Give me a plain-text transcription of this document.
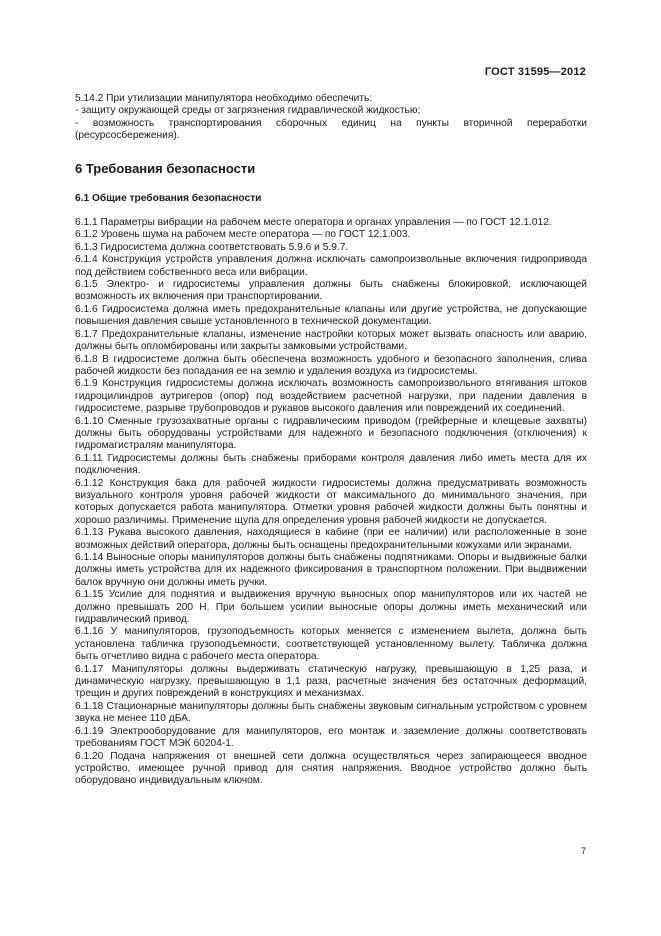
ГОСТ 31595—2012

5.14.2 При утилизации манипулятора необходимо обеспечить:

- защиту окружающей среды от загрязнения гидравлической жидкостью;

- возможность транспортирования сборочных единиц на пункты вторичной переработки (ресурсосбережения).

6 Требования безопасности
6.1 Общие требования безопасности

6.1.1 Параметры вибрации на рабочем месте оператора и органах управления — по ГОСТ 12.1.012.

6.1.2 Уровень шума на рабочем месте оператора — по ГОСТ 12.1.003.

6.1.3 Гидросистема должна соответствовать 5.9.6 и 5.9.7.

6.1.4 Конструкция устройств управления должна исключать самопроизвольные включения гидропривода под действием собственного веса или вибрации.

6.1.5 Электро- и гидросистемы управления должны быть снабжены блокировкой, исключающей возможность их включения при транспортировании.

6.1.6 Гидросистема должна иметь предохранительные клапаны или другие устройства, не допускающие повышения давления свыше установленного в технической документации.

6.1.7 Предохранительные клапаны, изменение настройки которых может вызвать опасность или аварию, должны быть опломбированы или закрыты замковыми устройствами.

6.1.8 В гидросистеме должна быть обеспечена возможность удобного и безопасного заполнения, слива рабочей жидкости без попадания ее на землю и удаления воздуха из гидросистемы.

6.1.9 Конструкция гидросистемы должна исключать возможность самопроизвольного втягивания штоков гидроцилиндров аутригеров (опор) под воздействием расчетной нагрузки, при падении давления в гидросистеме, разрыве трубопроводов и рукавов высокого давления или повреждений их соединений.

6.1.10 Сменные грузозахватные органы с гидравлическим приводом (грейферные и клещевые захваты) должны быть оборудованы устройствами для надежного и безопасного подключения (отключения) к гидромагистралям манипулятора.

6.1.11 Гидросистемы должны быть снабжены приборами контроля давления либо иметь места для их подключения.

6.1.12 Конструкция бака для рабочей жидкости гидросистемы должна предусматривать возможность визуального контроля уровня рабочей жидкости от максимального до минимального значения, при которых допускается работа манипулятора. Отметки уровня рабочей жидкости должны быть понятны и хорошо различимы. Применение щупа для определения уровня рабочей жидкости не допускается.

6.1.13 Рукава высокого давления, находящиеся в кабине (при ее наличии) или расположенные в зоне возможных действий оператора, должны быть оснащены предохранительными кожухами или экранами.

6.1.14 Выносные опоры манипуляторов должны быть снабжены подпятниками. Опоры и выдвижные балки должны иметь устройства для их надежного фиксирования в транспортном положении. При выдвижении балок вручную они должны иметь ручки.

6.1.15 Усилие для поднятия и выдвижения вручную выносных опор манипуляторов или их частей не должно превышать 200 Н. При большем усилии выносные опоры должны иметь механический или гидравлический привод.

6.1.16 У манипуляторов, грузоподъемность которых меняется с изменением вылета, должна быть установлена табличка грузоподъемности, соответствующей установленному вылету. Табличка должна быть отчетливо видна с рабочего места оператора.

6.1.17 Манипуляторы должны выдерживать статическую нагрузку, превышающую в 1,25 раза, и динамическую нагрузку, превышающую в 1,1 раза, расчетные значения без остаточных деформаций, трещин и других повреждений в конструкциях и механизмах.

6.1.18 Стационарные манипуляторы должны быть снабжены звуковым сигнальным устройством с уровнем звука не менее 110 дБА.

6.1.19 Электрооборудование для манипуляторов, его монтаж и заземление должны соответствовать требованиям ГОСТ МЭК 60204-1.

6.1.20 Подача напряжения от внешней сети должна осуществляться через запирающееся вводное устройство, имеющее ручной привод для снятия напряжения. Вводное устройство должно быть оборудовано индивидуальным ключом.

7
